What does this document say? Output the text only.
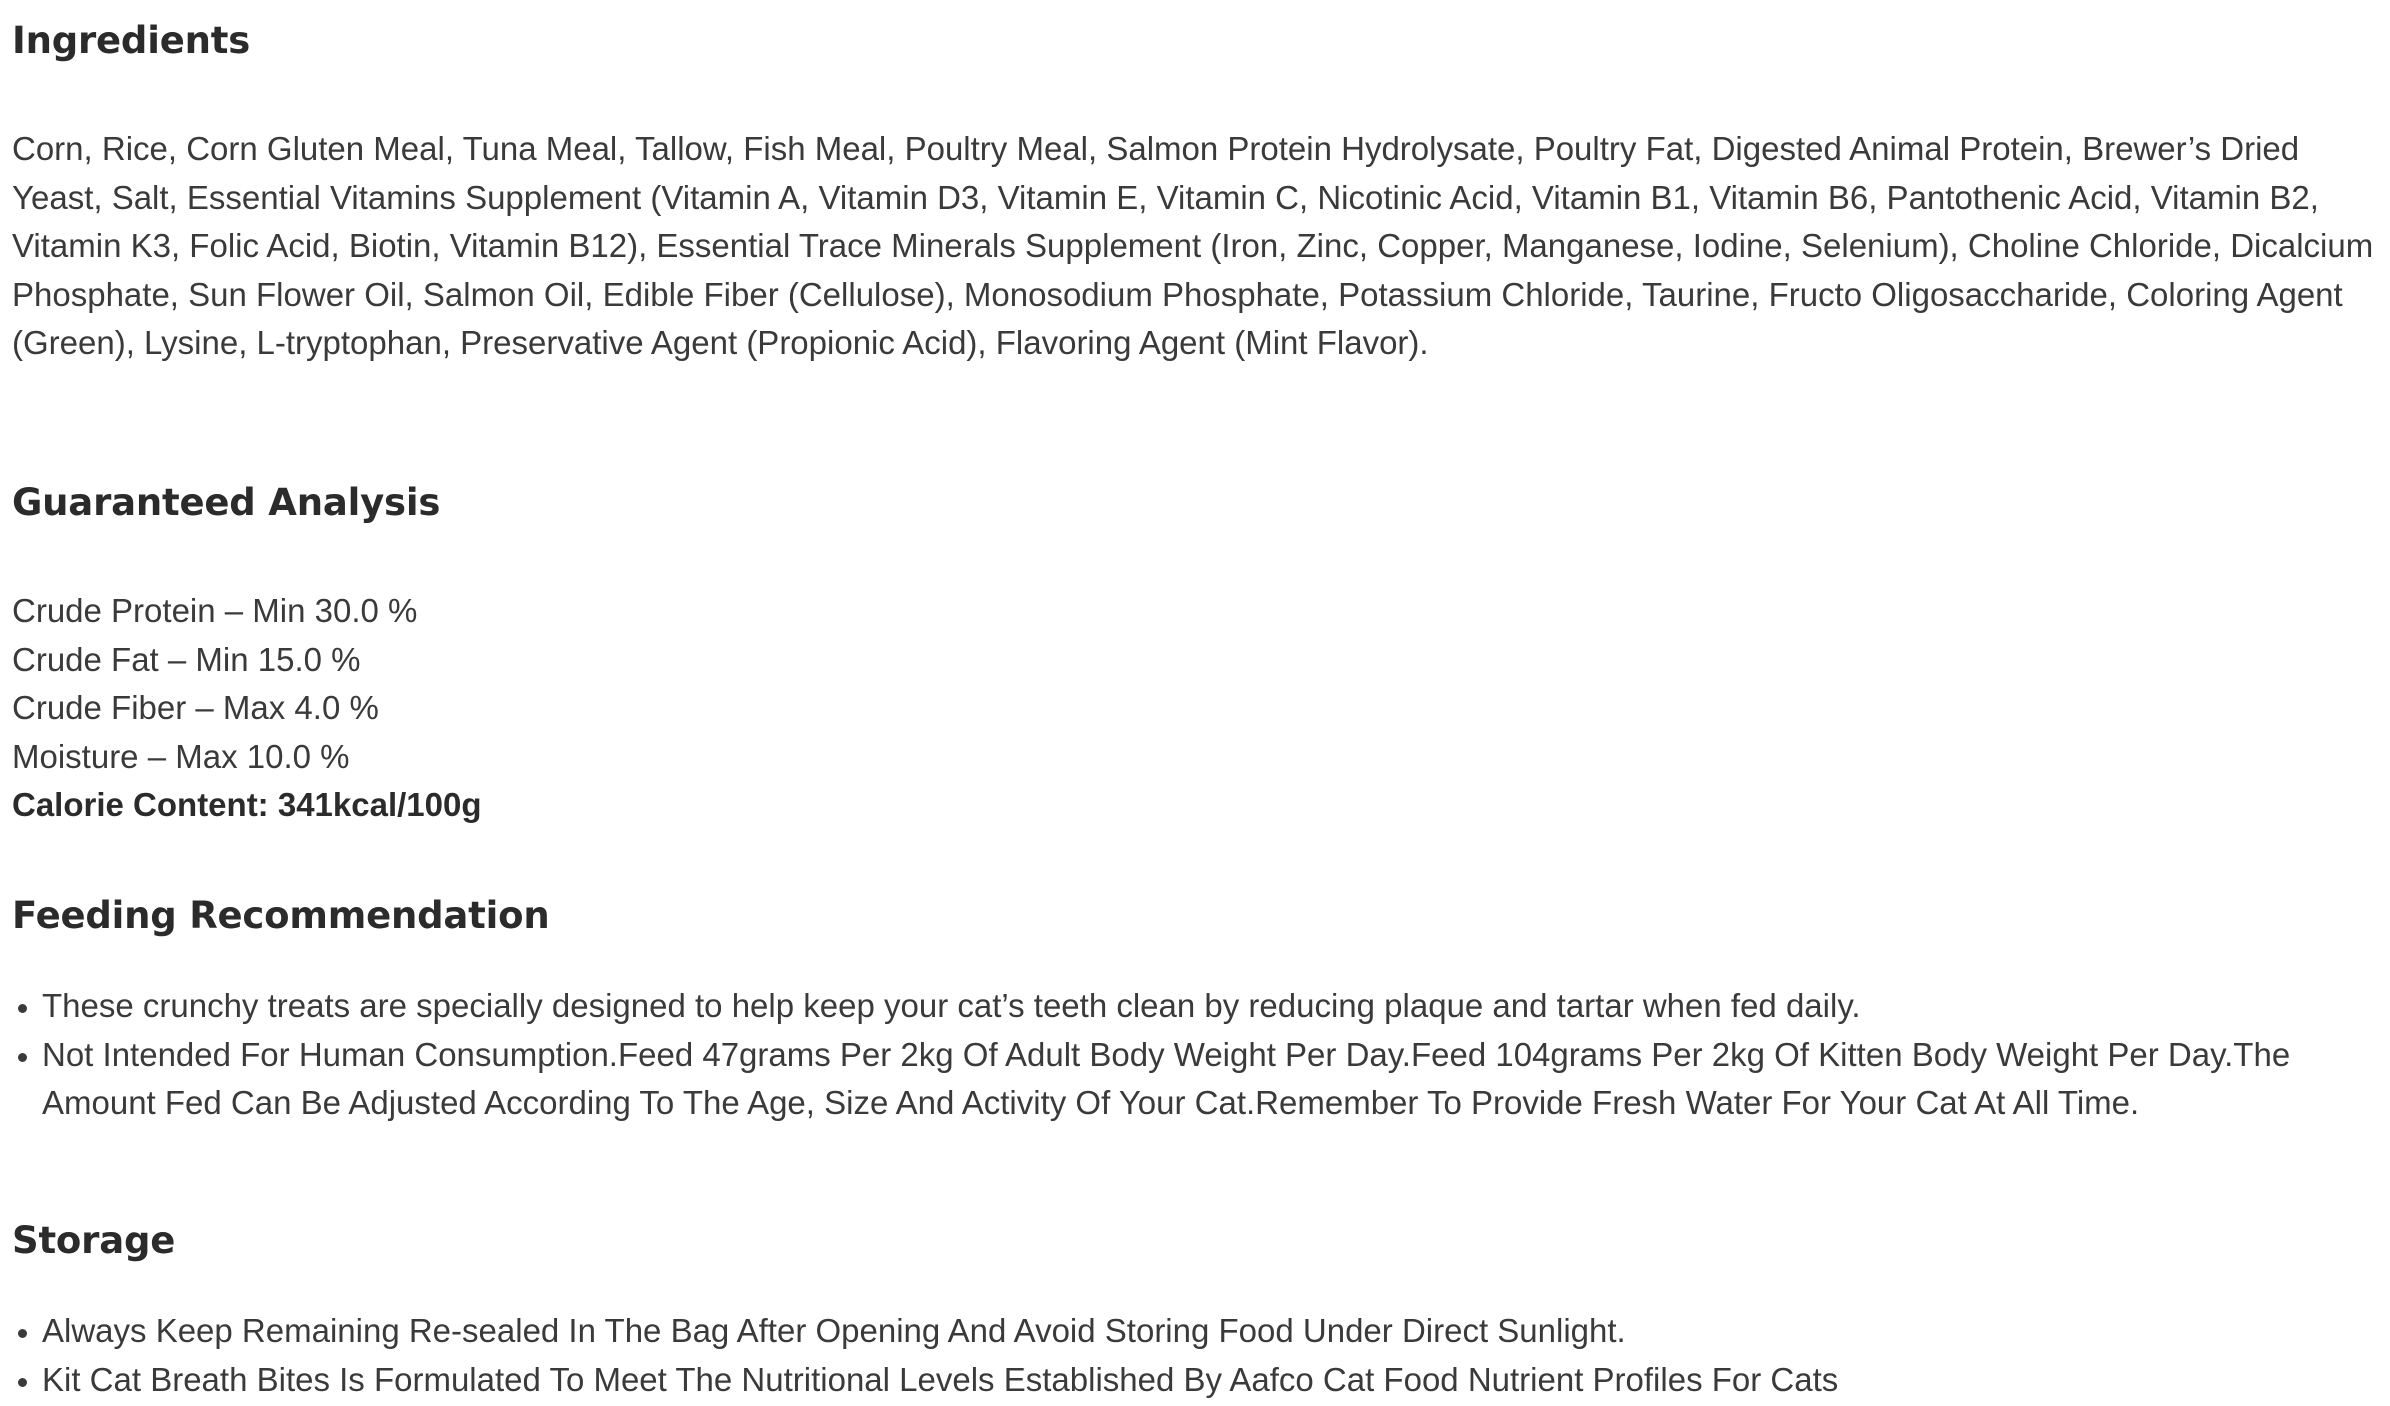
Ingredients

Corn, Rice, Corn Gluten Meal, Tuna Meal, Tallow, Fish Meal, Poultry Meal, Salmon Protein Hydrolysate, Poultry Fat, Digested Animal Protein, Brewer’s Dried Yeast, Salt, Essential Vitamins Supplement (Vitamin A, Vitamin D3, Vitamin E, Vitamin C, Nicotinic Acid, Vitamin B1, Vitamin B6, Pantothenic Acid, Vitamin B2, Vitamin K3, Folic Acid, Biotin, Vitamin B12), Essential Trace Minerals Supplement (Iron, Zinc, Copper, Manganese, Iodine, Selenium), Choline Chloride, Dicalcium Phosphate, Sun Flower Oil, Salmon Oil, Edible Fiber (Cellulose), Monosodium Phosphate, Potassium Chloride, Taurine, Fructo Oligosaccharide, Coloring Agent (Green), Lysine, L-tryptophan, Preservative Agent (Propionic Acid), Flavoring Agent (Mint Flavor).

Guaranteed Analysis

Crude Protein – Min 30.0 %

Crude Fat – Min 15.0 %

Crude Fiber – Max 4.0 %

Moisture – Max 10.0 %

Calorie Content: 341kcal/100g

Feeding Recommendation
• These crunchy treats are specially designed to help keep your cat’s teeth clean by reducing plaque and tartar when fed daily.
• Not Intended For Human Consumption.Feed 47grams Per 2kg Of Adult Body Weight Per Day.Feed 104grams Per 2kg Of Kitten Body Weight Per Day.The Amount Fed Can Be Adjusted According To The Age, Size And Activity Of Your Cat.Remember To Provide Fresh Water For Your Cat At All Time.
Storage
• Always Keep Remaining Re-sealed In The Bag After Opening And Avoid Storing Food Under Direct Sunlight.
• Kit Cat Breath Bites Is Formulated To Meet The Nutritional Levels Established By Aafco Cat Food Nutrient Profiles For Cats
